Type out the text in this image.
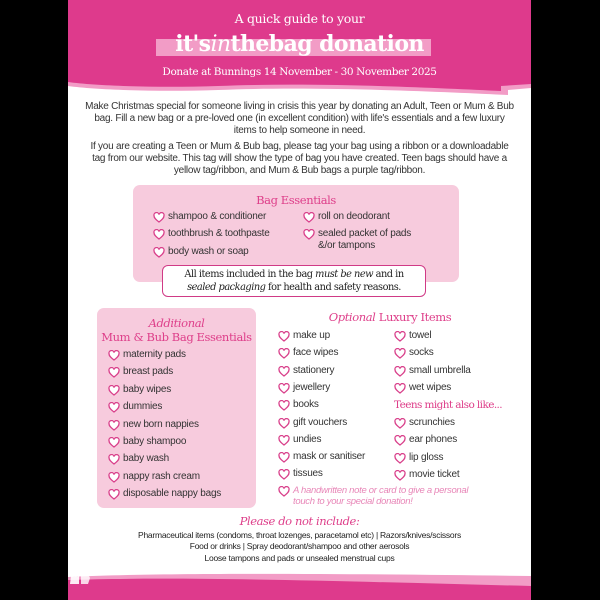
A quick guide to your
it'sinthebag donation
Donate at Bunnings 14 November - 30 November 2025
Make Christmas special for someone living in crisis this year by donating an Adult, Teen or Mum & Bub bag. Fill a new bag or a pre-loved one (in excellent condition) with life's essentials and a few luxury items to help someone in need.
If you are creating a Teen or Mum & Bub bag, please tag your bag using a ribbon or a downloadable tag from our website. This tag will show the type of bag you have created. Teen bags should have a yellow tag/ribbon, and Mum & Bub bags a purple tag/ribbon.
Bag Essentials
shampoo & conditioner
toothbrush & toothpaste
body wash or soap
roll on deodorant
sealed packet of pads
&/or tampons
All items included in the bag must be new and in
sealed packaging for health and safety reasons.
Additional
Mum & Bub Bag Essentials
maternity pads
breast pads
baby wipes
dummies
new born nappies
baby shampoo
baby wash
nappy rash cream
disposable nappy bags
Optional Luxury Items
make up
face wipes
stationery
jewellery
books
gift vouchers
undies
mask or sanitiser
tissues
towel
socks
small umbrella
wet wipes
Teens might also like...
scrunchies
ear phones
lip gloss
movie ticket
A handwritten note or card to give a personal
touch to your special donation!
Please do not include:
Pharmaceutical items (condoms, throat lozenges, paracetamol etc) | Razors/knives/scissors
Food or drinks | Spray deodorant/shampoo and other aerosols
Loose tampons and pads or unsealed menstrual cups
